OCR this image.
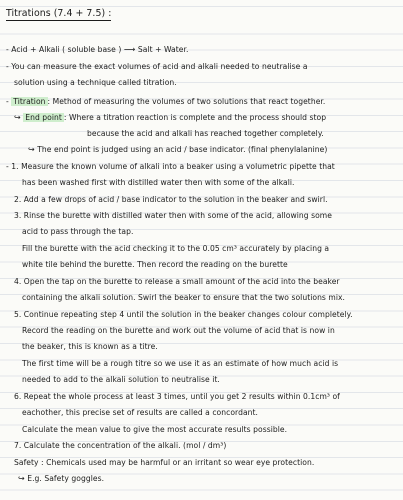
Titrations (7.4 + 7.5) :
- Acid + Alkali ( soluble base ) ⟶ Salt + Water.
- You can measure the exact volumes of acid and alkali needed to neutralise a
solution using a technique called titration.
- Titration : Method of measuring the volumes of two solutions that react together.
↪ End point : Where a titration reaction is complete and the process should stop
because the acid and alkali has reached together completely.
↪ The end point is judged using an acid / base indicator. (final phenylalanine)
- 1. Measure the known volume of alkali into a beaker using a volumetric pipette that
has been washed first with distilled water then with some of the alkali.
2. Add a few drops of acid / base indicator to the solution in the beaker and swirl.
3. Rinse the burette with distilled water then with some of the acid, allowing some
acid to pass through the tap.
Fill the burette with the acid checking it to the 0.05 cm³ accurately by placing a
white tile behind the burette. Then record the reading on the burette
4. Open the tap on the burette to release a small amount of the acid into the beaker
containing the alkali solution. Swirl the beaker to ensure that the two solutions mix.
5. Continue repeating step 4 until the solution in the beaker changes colour completely.
Record the reading on the burette and work out the volume of acid that is now in
the beaker, this is known as a titre.
The first time will be a rough titre so we use it as an estimate of how much acid is
needed to add to the alkali solution to neutralise it.
6. Repeat the whole process at least 3 times, until you get 2 results within 0.1cm³ of
eachother, this precise set of results are called a concordant.
Calculate the mean value to give the most accurate results possible.
7. Calculate the concentration of the alkali. (mol / dm³)
Safety : Chemicals used may be harmful or an irritant so wear eye protection.
↪ E.g. Safety goggles.
